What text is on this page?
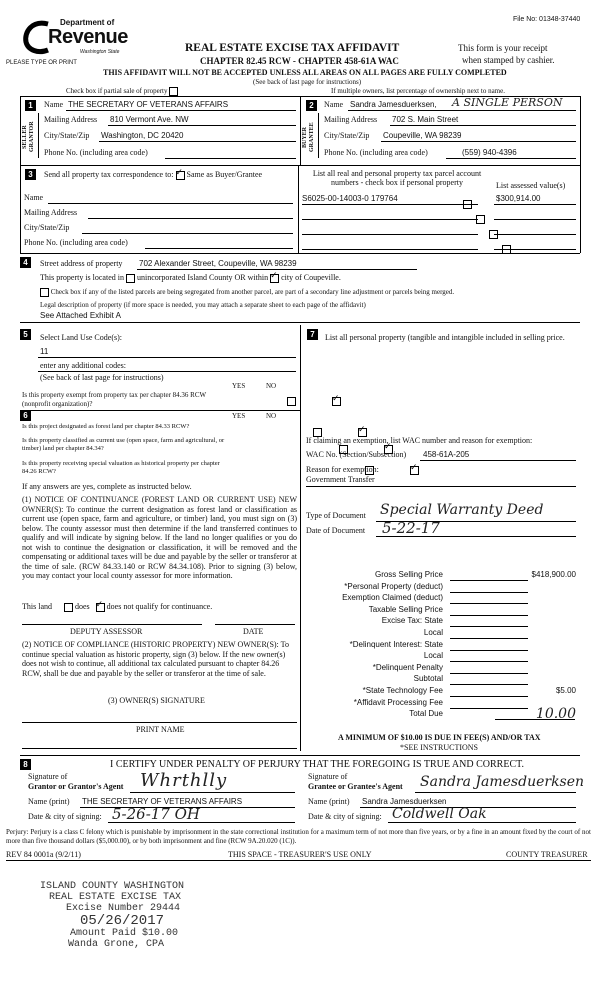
File No: 01348-37440
Department of
Revenue
Washington State
PLEASE TYPE OR PRINT
REAL ESTATE EXCISE TAX AFFIDAVIT
CHAPTER 82.45 RCW - CHAPTER 458-61A WAC
This form is your receipt
when stamped by cashier.
THIS AFFIDAVIT WILL NOT BE ACCEPTED UNLESS ALL AREAS ON ALL PAGES ARE FULLY COMPLETED
(See back of last page for instructions)
Check box if partial sale of property	If multiple owners, list percentage of ownership next to name.
1
SELLER GRANTOR
Name THE SECRETARY OF VETERANS AFFAIRS
Mailing Address 810 Vermont Ave. NW
City/State/Zip Washington, DC 20420
Phone No. (including area code)
2
BUYER GRANTEE
Name Sandra Jamesduerksen, A SINGLE PERSON
Mailing Address 702 S. Main Street
City/State/Zip Coupeville, WA 98239
Phone No. (including area code)	(559) 940-4396
3	Send all property tax correspondence to: ✓ Same as Buyer/Grantee
Name
Mailing Address
City/State/Zip
Phone No. (including area code)
List all real and personal property tax parcel account numbers - check box if personal property	List assessed value(s)
S6025-00-14003-0 179764	$300,914.00

4	Street address of property 702 Alexander Street, Coupeville, WA 98239
This property is located in unincorporated Island County OR within ✓ city of Coupeville.
Check box if any of the listed parcels are being segregated from another parcel, are part of a secondary line adjustment or parcels being merged.
Legal description of property (if more space is needed, you may attach a separate sheet to each page of the affidavit)
See Attached Exhibit A
5	Select Land Use Code(s):
11
enter any additional codes:
(See back of last page for instructions)
YES	NO
Is this property exempt from property tax per chapter 84.36 RCW (nonprofit organization)?
✓
6	YES	NO
Is this project designated as forest land per chapter 84.33 RCW?
✓
Is this property classified as current use (open space, farm and agricultural, or timber) land per chapter 84.34?
✓
Is this property receiving special valuation as historical property per chapter 84.26 RCW?
✓
If any answers are yes, complete as instructed below.
(1) NOTICE OF CONTINUANCE (FOREST LAND OR CURRENT USE) NEW OWNER(S): To continue the current designation as forest land or classification as current use (open space, farm and agriculture, or timber) land, you must sign on (3) below. The county assessor must then determine if the land transferred continues to qualify and will indicate by signing below. If the land no longer qualifies or you do not wish to continue the designation or classification, it will be removed and the compensating or additional taxes will be due and payable by the seller or transferor at the time of sale. (RCW 84.33.140 or RCW 84.34.108). Prior to signing (3) below, you may contact your local county assessor for more information.
This land	does ✓ does not qualify for continuance.
DEPUTY ASSESSOR	DATE
(2) NOTICE OF COMPLIANCE (HISTORIC PROPERTY) NEW OWNER(S): To continue special valuation as historic property, sign (3) below. If the new owner(s) does not wish to continue, all additional tax calculated pursuant to chapter 84.26 RCW, shall be due and payable by the seller or transferor at the time of sale.
(3) OWNER(S) SIGNATURE
PRINT NAME
7	List all personal property (tangible and intangible included in selling price.
If claiming an exemption, list WAC number and reason for exemption:
WAC No. (Section/Subsection) 458-61A-205
Reason for exemption:
Government Transfer
Type of Document Special Warranty Deed
Date of Document 5-22-17
Gross Selling Price	$418,900.00
*Personal Property (deduct)
Exemption Claimed (deduct)
Taxable Selling Price
Excise Tax: State
Local
*Delinquent Interest: State
Local
*Delinquent Penalty
Subtotal
*State Technology Fee	$5.00
*Affidavit Processing Fee
Total Due	10.00
A MINIMUM OF $10.00 IS DUE IN FEE(S) AND/OR TAX
*SEE INSTRUCTIONS
8	I CERTIFY UNDER PENALTY OF PERJURY THAT THE FOREGOING IS TRUE AND CORRECT.
Signature of
Grantor or Grantor's Agent Whrthlly
Name (print) THE SECRETARY OF VETERANS AFFAIRS
Date & city of signing: 5-26-17 OH
Signature of
Grantee or Grantee's Agent Sandra Jamesduerksen
Name (print) Sandra Jamesduerksen
Date & city of signing: Coldwell Oak
Perjury: Perjury is a class C felony which is punishable by imprisonment in the state correctional institution for a maximum term of not more than five years, or by a fine in an amount fixed by the court of not more than five thousand dollars ($5,000.00), or by both imprisonment and fine (RCW 9A.20.020 (1C)).
REV 84 0001a (9/2/11)	THIS SPACE - TREASURER'S USE ONLY	COUNTY TREASURER
ISLAND COUNTY WASHINGTON
REAL ESTATE EXCISE TAX
Excise Number 29444
05/26/2017
Amount Paid $10.00
Wanda Grone, CPA
